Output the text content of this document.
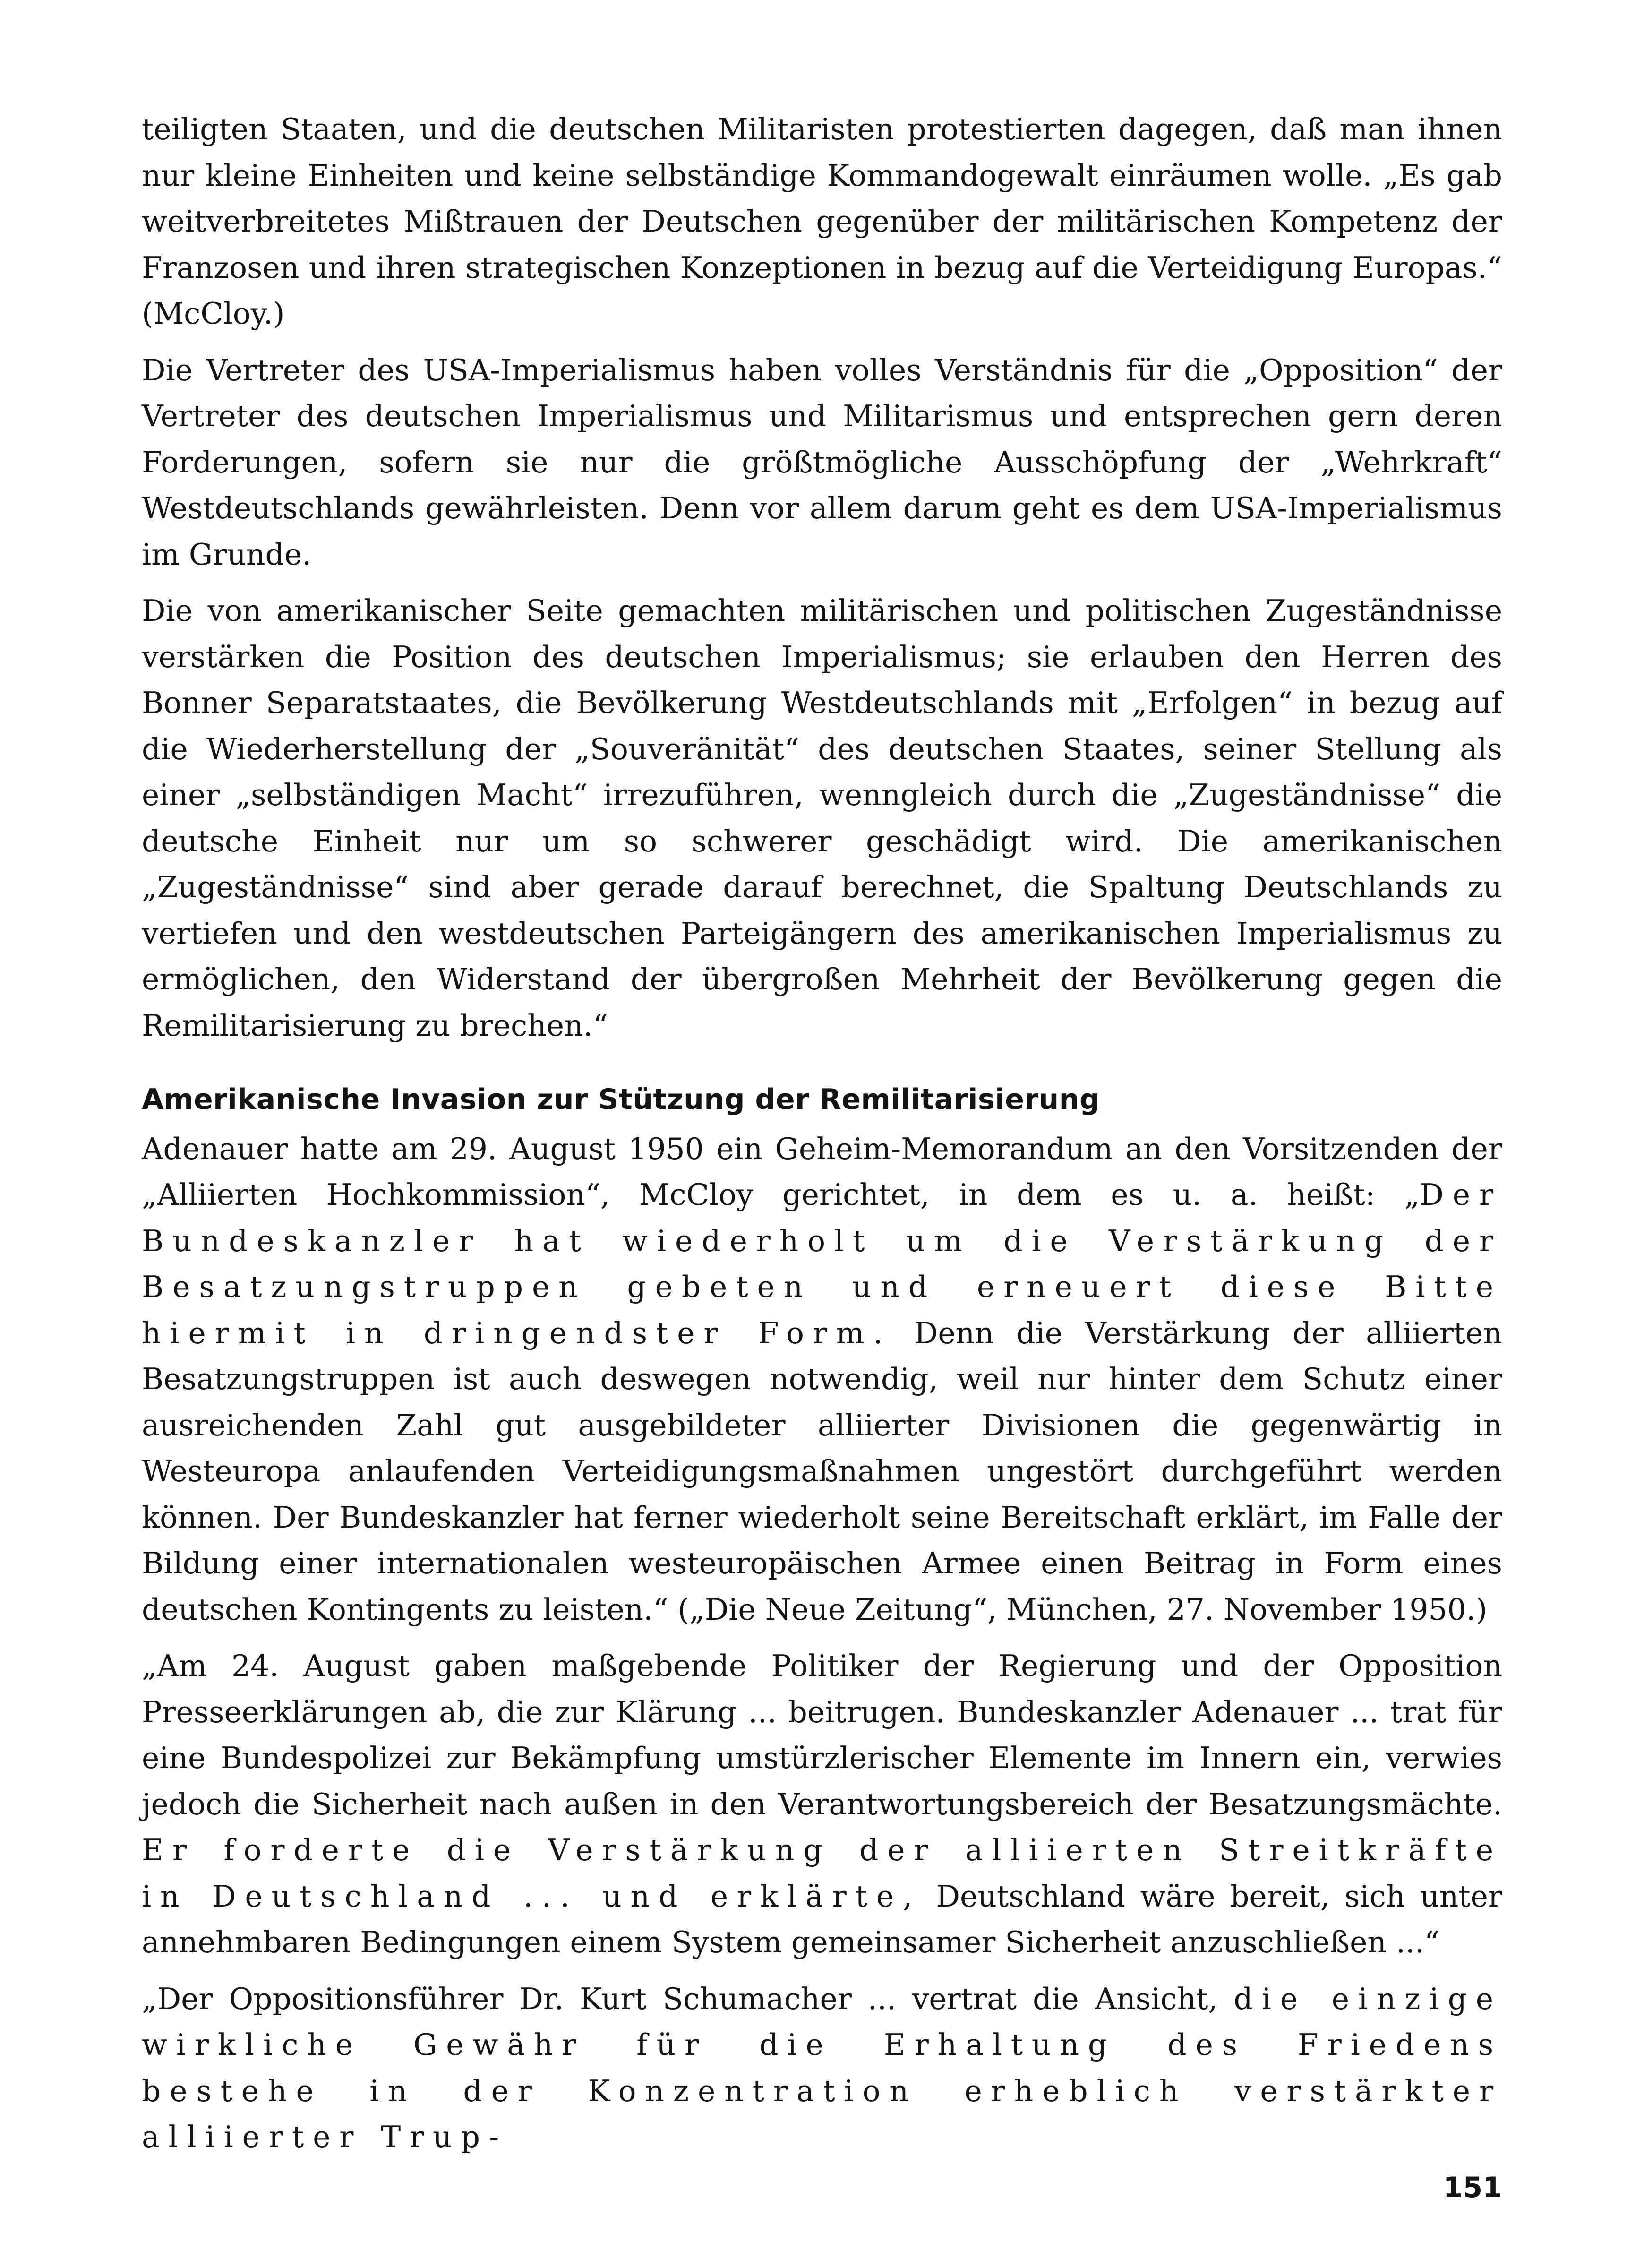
teiligten Staaten, und die deutschen Militaristen protestierten dagegen, daß man ihnen nur kleine Einheiten und keine selbständige Kommandogewalt einräumen wolle. „Es gab weitverbreitetes Mißtrauen der Deutschen gegenüber der militärischen Kompetenz der Franzosen und ihren strategischen Konzeptionen in bezug auf die Verteidigung Europas.“ (McCloy.)

Die Vertreter des USA-Imperialismus haben volles Verständnis für die „Opposition“ der Vertreter des deutschen Imperialismus und Militarismus und entsprechen gern deren Forderungen, sofern sie nur die größtmögliche Ausschöpfung der „Wehrkraft“ Westdeutschlands gewährleisten. Denn vor allem darum geht es dem USA-Imperialismus im Grunde.

Die von amerikanischer Seite gemachten militärischen und politischen Zugeständnisse verstärken die Position des deutschen Imperialismus; sie erlauben den Herren des Bonner Separatstaates, die Bevölkerung Westdeutschlands mit „Erfolgen“ in bezug auf die Wiederherstellung der „Souveränität“ des deutschen Staates, seiner Stellung als einer „selbständigen Macht“ irrezuführen, wenngleich durch die „Zugeständnisse“ die deutsche Einheit nur um so schwerer geschädigt wird. Die amerikanischen „Zugeständnisse“ sind aber gerade darauf berechnet, die Spaltung Deutschlands zu vertiefen und den westdeutschen Parteigängern des amerikanischen Imperialismus zu ermöglichen, den Widerstand der übergroßen Mehrheit der Bevölkerung gegen die Remilitarisierung zu brechen.“

Amerikanische Invasion zur Stützung der Remilitarisierung

Adenauer hatte am 29. August 1950 ein Geheim-Memorandum an den Vorsitzenden der „Alliierten Hochkommission“, McCloy gerichtet, in dem es u. a. heißt: „Der Bundeskanzler hat wiederholt um die Verstärkung der Besatzungstruppen gebeten und erneuert diese Bitte hiermit in dringendster Form. Denn die Verstärkung der alliierten Besatzungstruppen ist auch deswegen notwendig, weil nur hinter dem Schutz einer ausreichenden Zahl gut ausgebildeter alliierter Divisionen die gegenwärtig in Westeuropa anlaufenden Verteidigungsmaßnahmen ungestört durchgeführt werden können. Der Bundeskanzler hat ferner wiederholt seine Bereitschaft erklärt, im Falle der Bildung einer internationalen westeuropäischen Armee einen Beitrag in Form eines deutschen Kontingents zu leisten.“ („Die Neue Zeitung“, München, 27. November 1950.)

„Am 24. August gaben maßgebende Politiker der Regierung und der Opposition Presseerklärungen ab, die zur Klärung ... beitrugen. Bundeskanzler Adenauer ... trat für eine Bundespolizei zur Bekämpfung umstürzlerischer Elemente im Innern ein, verwies jedoch die Sicherheit nach außen in den Verantwortungsbereich der Besatzungsmächte. Er forderte die Verstärkung der alliierten Streitkräfte in Deutschland ... und erklärte, Deutschland wäre bereit, sich unter annehmbaren Bedingungen einem System gemeinsamer Sicherheit anzuschließen ...“

„Der Oppositionsführer Dr. Kurt Schumacher ... vertrat die Ansicht, die einzige wirkliche Gewähr für die Erhaltung des Friedens bestehe in der Konzentration erheblich verstärkter alliierter Trup-

151
